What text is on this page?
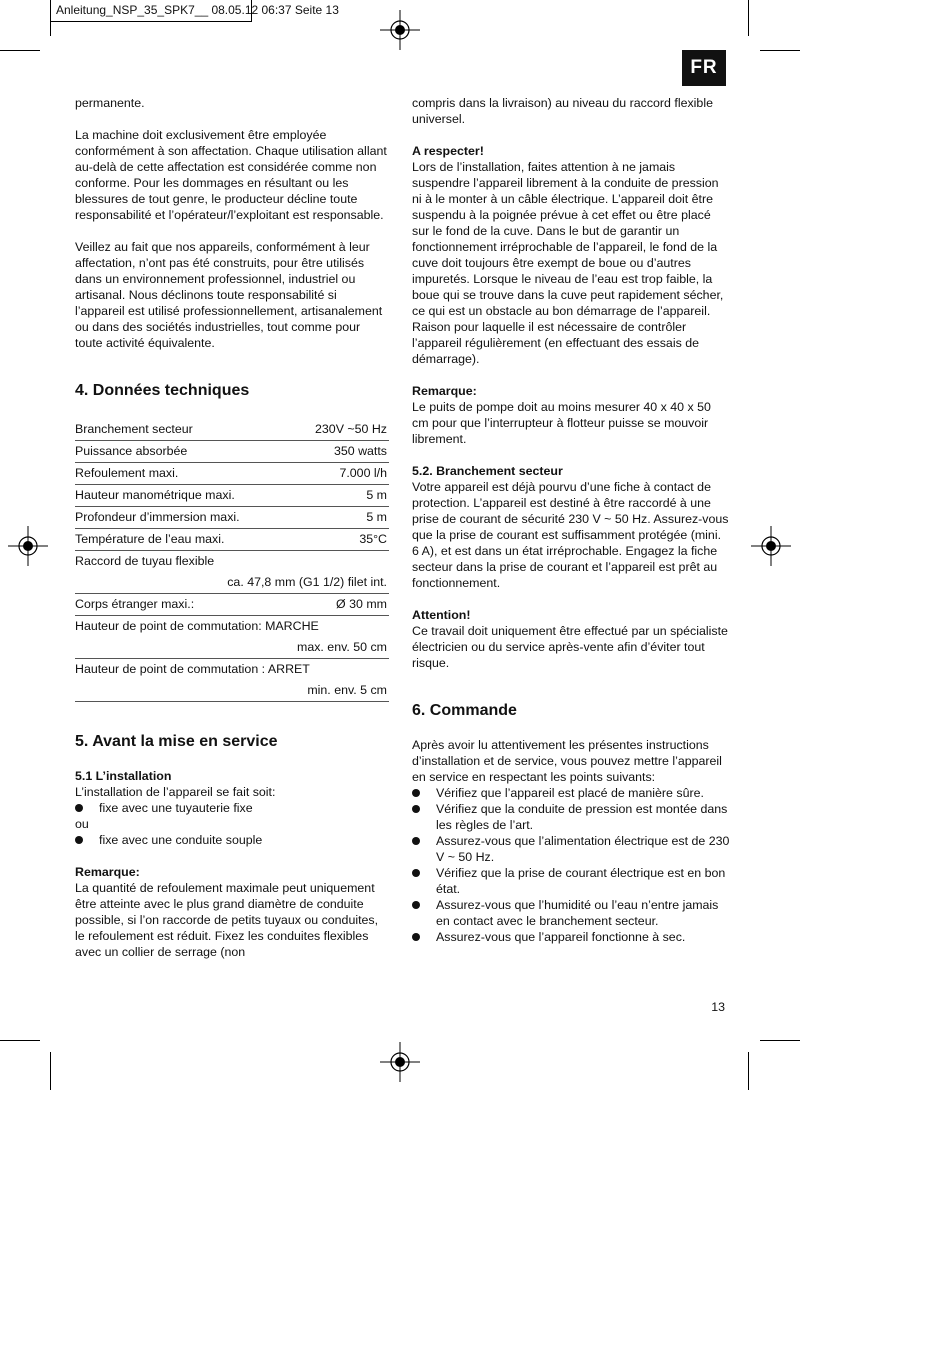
Anleitung_NSP_35_SPK7__ 08.05.12 06:37 Seite 13
FR

permanente.

La machine doit exclusivement être employée conformément à son affectation. Chaque utilisation allant au-delà de cette affectation est considérée comme non conforme. Pour les dommages en résultant ou les blessures de tout genre, le producteur décline toute responsabilité et l’opérateur/l’exploitant est responsable.

Veillez au fait que nos appareils, conformément à leur affectation, n’ont pas été construits, pour être utilisés dans un environnement professionnel, industriel ou artisanal. Nous déclinons toute responsabilité si l’appareil est utilisé professionnellement, artisanalement ou dans des sociétés industrielles, tout comme pour toute activité équivalente.

4. Données techniques
Branchement secteur	230V ~50 Hz
Puissance absorbée	350 watts
Refoulement maxi.	7.000 l/h
Hauteur manométrique maxi.	5 m
Profondeur d’immersion maxi.	5 m
Température de l’eau maxi.	35°C
Raccord de tuyau flexible	
ca. 47,8 mm (G1 1/2) filet int.	
Corps étranger maxi.:	Ø 30 mm
Hauteur de point de commutation: MARCHE	
max. env. 50 cm	
Hauteur de point de commutation : ARRET	
min. env. 5 cm	
5. Avant la mise en service

5.1 L’installation

L’installation de l’appareil se fait soit:

fixe avec une tuyauterie fixe

ou

fixe avec une conduite souple

Remarque:

La quantité de refoulement maximale peut uniquement être atteinte avec le plus grand diamètre de conduite possible, si l’on raccorde de petits tuyaux ou conduites, le refoulement est réduit. Fixez les conduites flexibles avec un collier de serrage (non

compris dans la livraison) au niveau du raccord flexible universel.

A respecter!

Lors de l’installation, faites attention à ne jamais suspendre l’appareil librement à la conduite de pression ni à le monter à un câble électrique. L’appareil doit être suspendu à la poignée prévue à cet effet ou être placé sur le fond de la cuve. Dans le but de garantir un fonctionnement irréprochable de l’appareil, le fond de la cuve doit toujours être exempt de boue ou d’autres impuretés. Lorsque le niveau de l’eau est trop faible, la boue qui se trouve dans la cuve peut rapidement sécher, ce qui est un obstacle au bon démarrage de l’appareil. Raison pour laquelle il est nécessaire de contrôler l’appareil régulièrement (en effectuant des essais de démarrage).

Remarque:

Le puits de pompe doit au moins mesurer 40 x 40 x 50 cm pour que l’interrupteur à flotteur puisse se mouvoir librement.

5.2. Branchement secteur

Votre appareil est déjà pourvu d’une fiche à contact de protection. L’appareil est destiné à être raccordé à une prise de courant de sécurité 230 V ~ 50 Hz. Assurez-vous que la prise de courant est suffisamment protégée (mini. 6 A), et est dans un état irréprochable. Engagez la fiche secteur dans la prise de courant et l’appareil est prêt au fonctionnement.

Attention!

Ce travail doit uniquement être effectué par un spécialiste électricien ou du service après-vente afin d’éviter tout risque.

6. Commande

Après avoir lu attentivement les présentes instructions d’installation et de service, vous pouvez mettre l’appareil en service en respectant les points suivants:

Vérifiez que l’appareil est placé de manière sûre.

Vérifiez que la conduite de pression est montée dans les règles de l’art.

Assurez-vous que l’alimentation électrique est de 230 V ~ 50 Hz.

Vérifiez que la prise de courant électrique est en bon état.

Assurez-vous que l’humidité ou l’eau n’entre jamais en contact avec le branchement secteur.

Assurez-vous que l’appareil fonctionne à sec.

13
